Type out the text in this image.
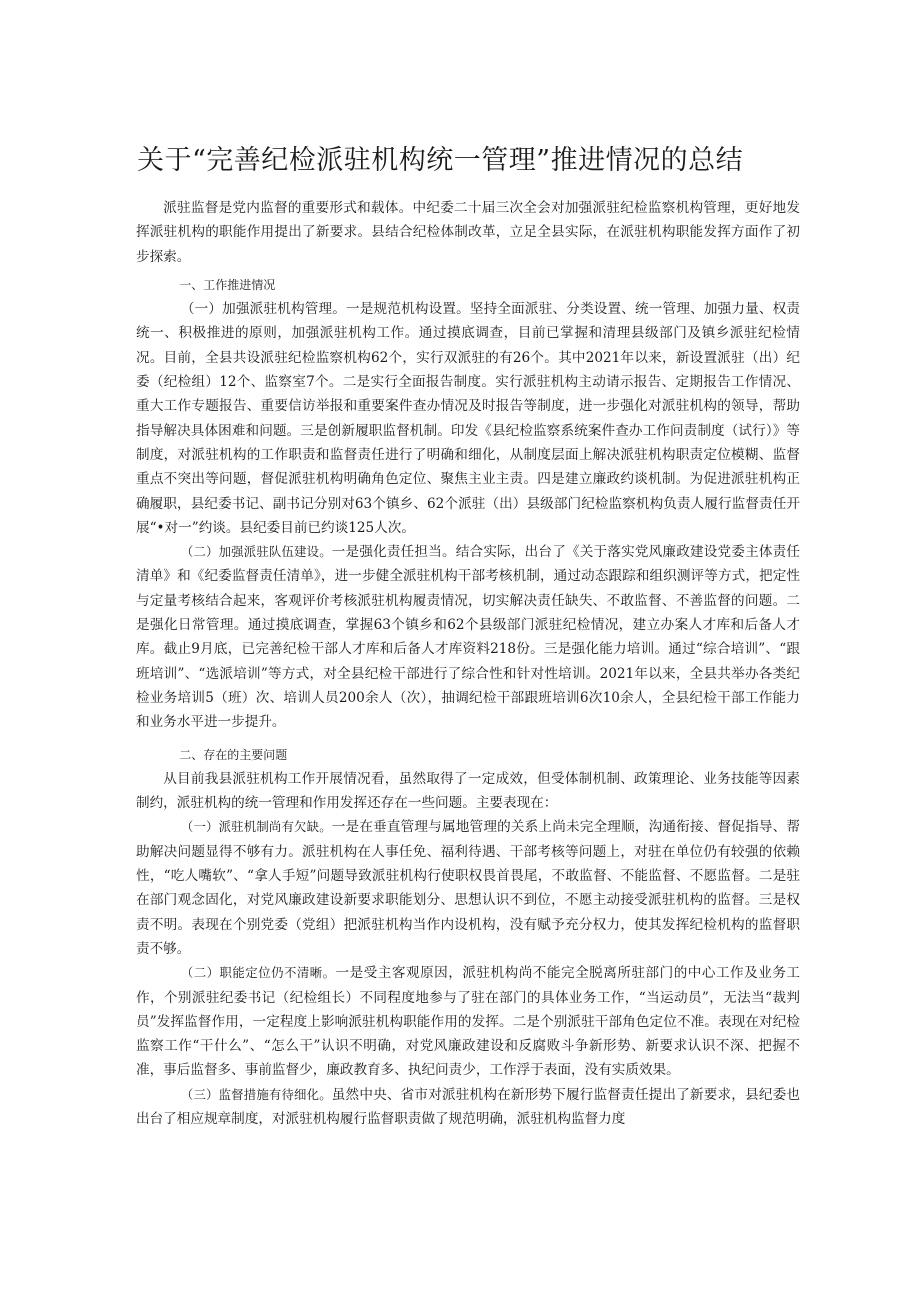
关于“完善纪检派驻机构统一管理”推进情况的总结

派驻监督是党内监督的重要形式和载体。中纪委二十届三次全会对加强派驻纪检监察机构管理，更好地发挥派驻机构的职能作用提出了新要求。县结合纪检体制改革，立足全县实际，在派驻机构职能发挥方面作了初步探索。

一、工作推进情况

（一）加强派驻机构管理。一是规范机构设置。坚持全面派驻、分类设置、统一管理、加强力量、权责统一、积极推进的原则，加强派驻机构工作。通过摸底调查，目前已掌握和清理县级部门及镇乡派驻纪检情况。目前，全县共设派驻纪检监察机构62个，实行双派驻的有26个。其中2021年以来，新设置派驻（出）纪委（纪检组）12个、监察室7个。二是实行全面报告制度。实行派驻机构主动请示报告、定期报告工作情况、重大工作专题报告、重要信访举报和重要案件查办情况及时报告等制度，进一步强化对派驻机构的领导，帮助指导解决具体困难和问题。三是创新履职监督机制。印发《县纪检监察系统案件查办工作问责制度（试行）》等制度，对派驻机构的工作职责和监督责任进行了明确和细化，从制度层面上解决派驻机构职责定位模糊、监督重点不突出等问题，督促派驻机构明确角色定位、聚焦主业主责。四是建立廉政约谈机制。为促进派驻机构正确履职，县纪委书记、副书记分别对63个镇乡、62个派驻（出）县级部门纪检监察机构负责人履行监督责任开展“•对一”约谈。县纪委目前已约谈125人次。

（二）加强派驻队伍建设。一是强化责任担当。结合实际，出台了《关于落实党风廉政建设党委主体责任清单》和《纪委监督责任清单》，进一步健全派驻机构干部考核机制，通过动态跟踪和组织测评等方式，把定性与定量考核结合起来，客观评价考核派驻机构履责情况，切实解决责任缺失、不敢监督、不善监督的问题。二是强化日常管理。通过摸底调查，掌握63个镇乡和62个县级部门派驻纪检情况，建立办案人才库和后备人才库。截止9月底，已完善纪检干部人才库和后备人才库资料218份。三是强化能力培训。通过“综合培训”、“跟班培训”、“选派培训”等方式，对全县纪检干部进行了综合性和针对性培训。2021年以来，全县共举办各类纪检业务培训5（班）次、培训人员200余人（次），抽调纪检干部跟班培训6次10余人，全县纪检干部工作能力和业务水平进一步提升。

二、存在的主要问题

从目前我县派驻机构工作开展情况看，虽然取得了一定成效，但受体制机制、政策理论、业务技能等因素制约，派驻机构的统一管理和作用发挥还存在一些问题。主要表现在：

（一）派驻机制尚有欠缺。一是在垂直管理与属地管理的关系上尚未完全理顺，沟通衔接、督促指导、帮助解决问题显得不够有力。派驻机构在人事任免、福利待遇、干部考核等问题上，对驻在单位仍有较强的依赖性，“吃人嘴软”、“拿人手短”问题导致派驻机构行使职权畏首畏尾，不敢监督、不能监督、不愿监督。二是驻在部门观念固化，对党风廉政建设新要求职能划分、思想认识不到位，不愿主动接受派驻机构的监督。三是权责不明。表现在个别党委（党组）把派驻机构当作内设机构，没有赋予充分权力，使其发挥纪检机构的监督职责不够。

（二）职能定位仍不清晰。一是受主客观原因，派驻机构尚不能完全脱离所驻部门的中心工作及业务工作，个别派驻纪委书记（纪检组长）不同程度地参与了驻在部门的具体业务工作，“当运动员”，无法当“裁判员”发挥监督作用，一定程度上影响派驻机构职能作用的发挥。二是个别派驻干部角色定位不准。表现在对纪检监察工作“干什么”、“怎么干”认识不明确，对党风廉政建设和反腐败斗争新形势、新要求认识不深、把握不准，事后监督多、事前监督少，廉政教育多、执纪问责少，工作浮于表面，没有实质效果。

（三）监督措施有待细化。虽然中央、省市对派驻机构在新形势下履行监督责任提出了新要求，县纪委也出台了相应规章制度，对派驻机构履行监督职责做了规范明确，派驻机构监督力度
